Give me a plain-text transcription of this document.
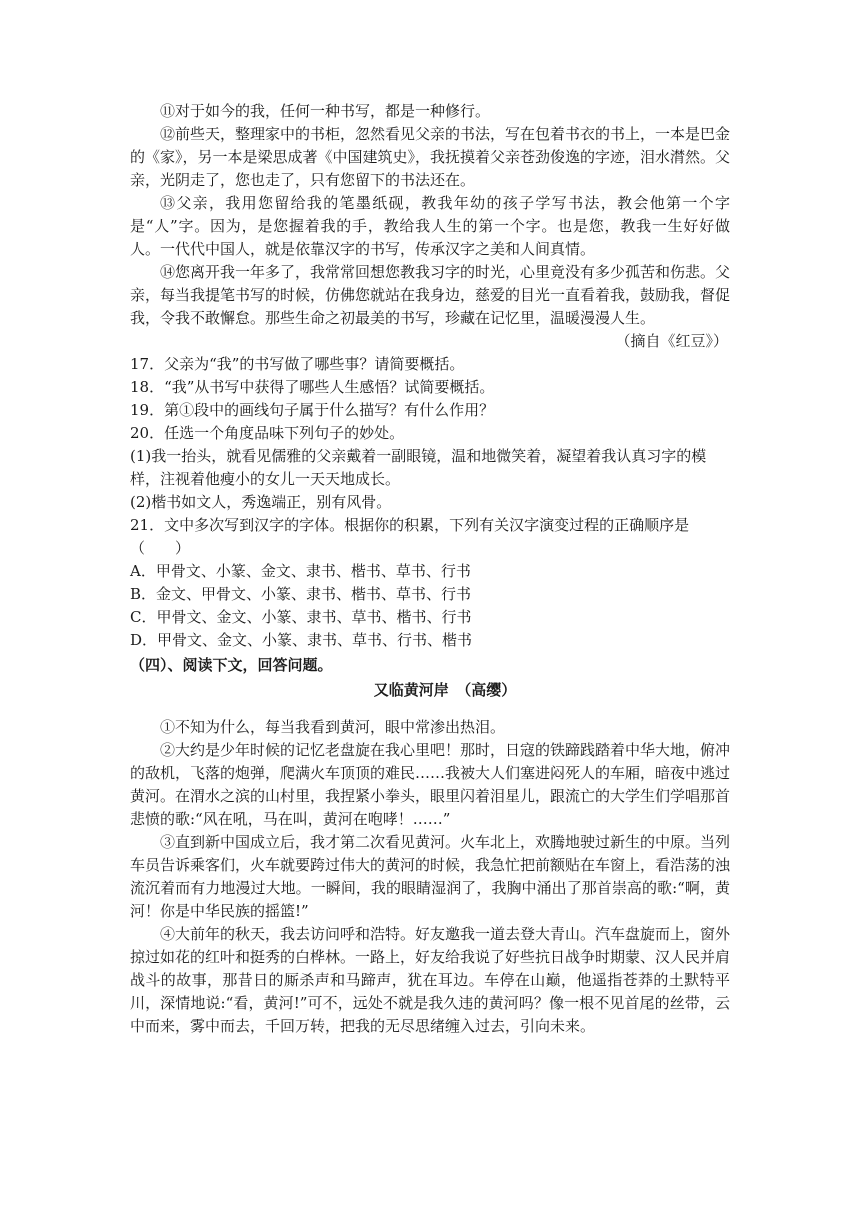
⑪对于如今的我，任何一种书写，都是一种修行。

⑫前些天，整理家中的书柜，忽然看见父亲的书法，写在包着书衣的书上，一本是巴金的《家》，另一本是梁思成著《中国建筑史》，我抚摸着父亲苍劲俊逸的字迹，泪水潸然。父亲，光阴走了，您也走了，只有您留下的书法还在。

⑬父亲，我用您留给我的笔墨纸砚，教我年幼的孩子学写书法，教会他第一个字是“人”字。因为，是您握着我的手，教给我人生的第一个字。也是您，教我一生好好做人。一代代中国人，就是依靠汉字的书写，传承汉字之美和人间真情。

⑭您离开我一年多了，我常常回想您教我习字的时光，心里竟没有多少孤苦和伤悲。父亲，每当我提笔书写的时候，仿佛您就站在我身边，慈爱的目光一直看着我，鼓励我，督促我，令我不敢懈怠。那些生命之初最美的书写，珍藏在记忆里，温暖漫漫人生。

（摘自《红豆》）

17．父亲为“我”的书写做了哪些事？请简要概括。

18．“我”从书写中获得了哪些人生感悟？试简要概括。

19．第①段中的画线句子属于什么描写？有什么作用？

20．任选一个角度品味下列句子的妙处。

(1)我一抬头，就看见儒雅的父亲戴着一副眼镜，温和地微笑着，凝望着我认真习字的模样，注视着他瘦小的女儿一天天地成长。

(2)楷书如文人，秀逸端正，别有风骨。

21．文中多次写到汉字的字体。根据你的积累，下列有关汉字演变过程的正确顺序是（　　）

A．甲骨文、小篆、金文、隶书、楷书、草书、行书

B．金文、甲骨文、小篆、隶书、楷书、草书、行书

C．甲骨文、金文、小篆、隶书、草书、楷书、行书

D．甲骨文、金文、小篆、隶书、草书、行书、楷书

（四）、阅读下文，回答问题。

又临黄河岸　（高缨）

①不知为什么，每当我看到黄河，眼中常渗出热泪。

②大约是少年时候的记忆老盘旋在我心里吧！那时，日寇的铁蹄践踏着中华大地，俯冲的敌机，飞落的炮弹，爬满火车顶顶的难民……我被大人们塞进闷死人的车厢，暗夜中逃过黄河。在渭水之滨的山村里，我捏紧小拳头，眼里闪着泪星儿，跟流亡的大学生们学唱那首悲愤的歌:“风在吼，马在叫，黄河在咆哮！……”

③直到新中国成立后，我才第二次看见黄河。火车北上，欢腾地驶过新生的中原。当列车员告诉乘客们，火车就要跨过伟大的黄河的时候，我急忙把前额贴在车窗上，看浩荡的浊流沉着而有力地漫过大地。一瞬间，我的眼睛湿润了，我胸中涌出了那首崇高的歌:“啊，黄河！你是中华民族的摇篮!”

④大前年的秋天，我去访问呼和浩特。好友邀我一道去登大青山。汽车盘旋而上，窗外掠过如花的红叶和挺秀的白桦林。一路上，好友给我说了好些抗日战争时期蒙、汉人民并肩战斗的故事，那昔日的厮杀声和马蹄声，犹在耳边。车停在山巅，他遥指苍莽的土默特平川，深情地说:“看，黄河!”可不，远处不就是我久违的黄河吗？像一根不见首尾的丝带，云中而来，雾中而去，千回万转，把我的无尽思绪缠入过去，引向未来。
